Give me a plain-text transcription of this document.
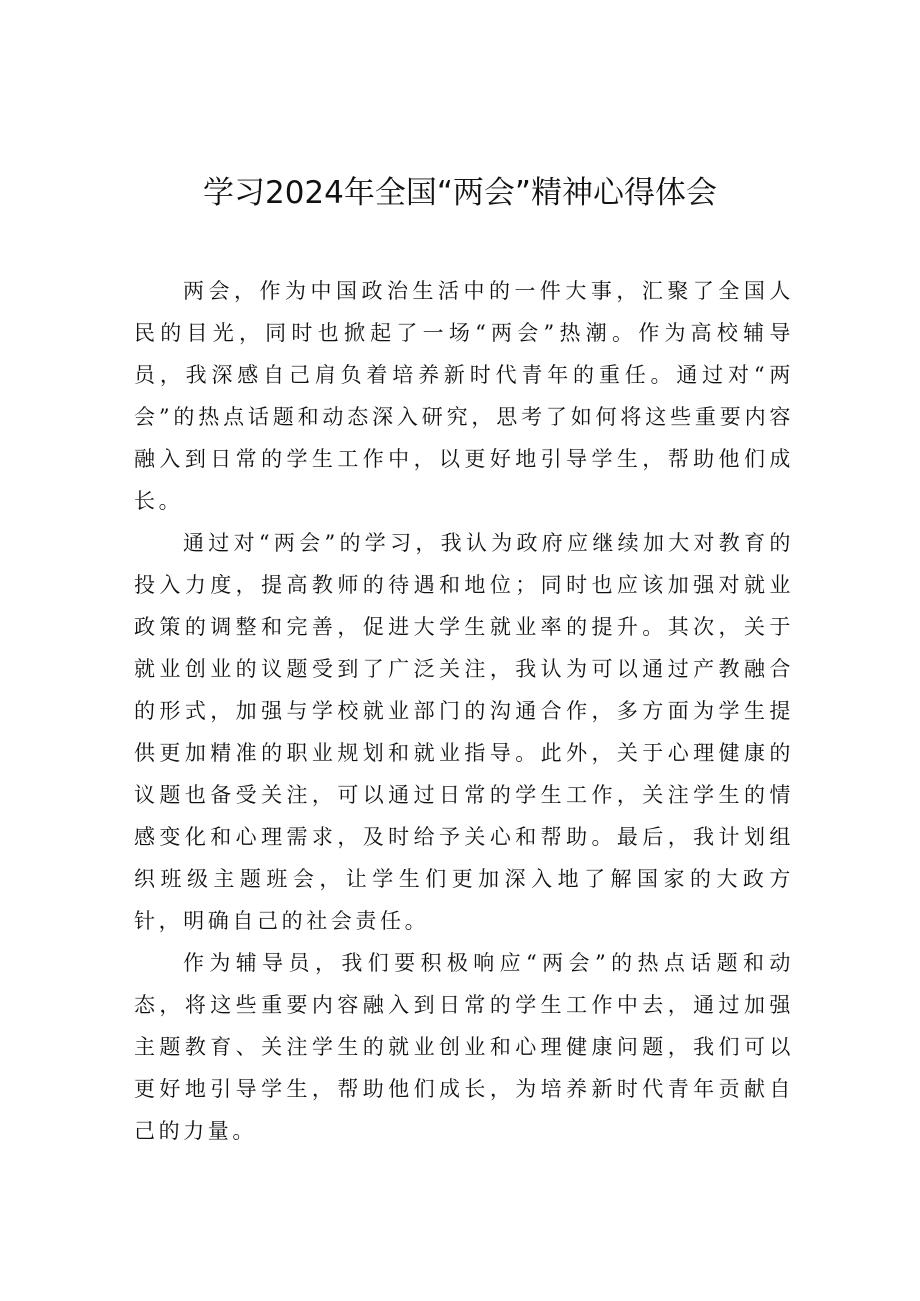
学习2024年全国“两会”精神心得体会

两会，作为中国政治生活中的一件大事，汇聚了全国人民的目光，同时也掀起了一场“两会”热潮。作为高校辅导员，我深感自己肩负着培养新时代青年的重任。通过对“两会”的热点话题和动态深入研究，思考了如何将这些重要内容融入到日常的学生工作中，以更好地引导学生，帮助他们成长。

通过对“两会”的学习，我认为政府应继续加大对教育的投入力度，提高教师的待遇和地位；同时也应该加强对就业政策的调整和完善，促进大学生就业率的提升。其次，关于就业创业的议题受到了广泛关注，我认为可以通过产教融合的形式，加强与学校就业部门的沟通合作，多方面为学生提供更加精准的职业规划和就业指导。此外，关于心理健康的议题也备受关注，可以通过日常的学生工作，关注学生的情感变化和心理需求，及时给予关心和帮助。最后，我计划组织班级主题班会，让学生们更加深入地了解国家的大政方针，明确自己的社会责任。

作为辅导员，我们要积极响应“两会”的热点话题和动态，将这些重要内容融入到日常的学生工作中去，通过加强主题教育、关注学生的就业创业和心理健康问题，我们可以更好地引导学生，帮助他们成长，为培养新时代青年贡献自己的力量。
